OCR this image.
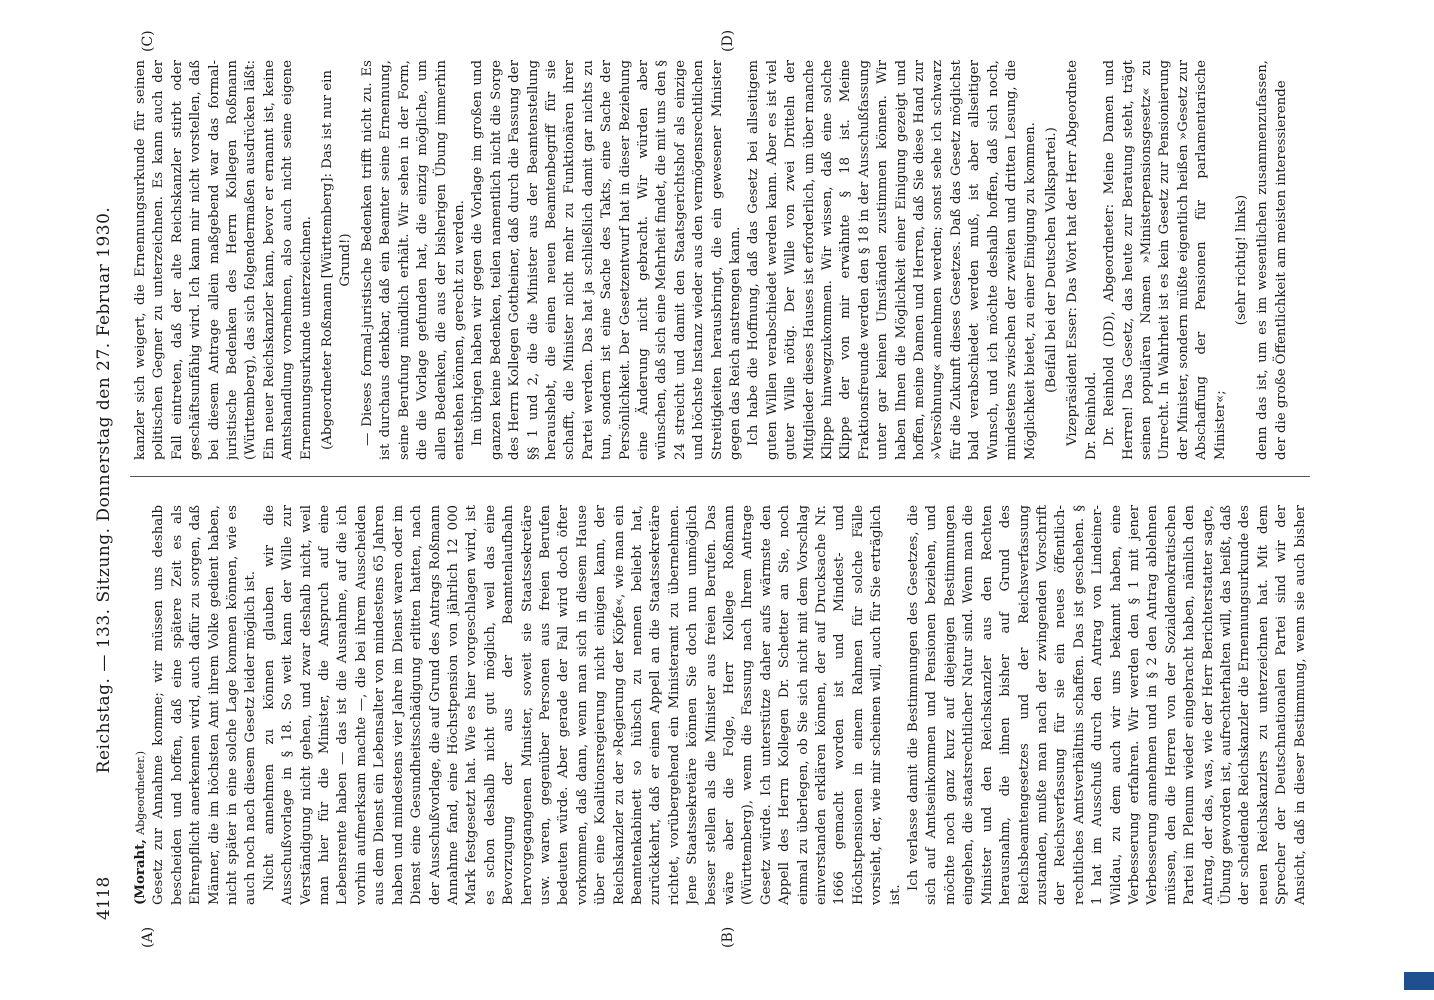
4118
Reichstag. — 133. Sitzung. Donnerstag den 27. Februar 1930.
(A)	(B)
(C)	(D)

(Moraht, Abgeordneter.) Gesetz zur Annahme komme; wir müssen uns deshalb bescheiden und hoffen, daß eine spätere Zeit es als Ehrenpflicht anerkennen wird, auch dafür zu sorgen, daß Männer, die im höchsten Amt ihrem Volke gedient haben, nicht später in eine solche Lage kommen können, wie es auch noch nach diesem Gesetz leider möglich ist. Nicht annehmen zu können glauben wir die Ausschußvorlage in § 18. So weit kann der Wille zur Verständigung nicht gehen, und zwar deshalb nicht, weil man hier für die Minister, die Anspruch auf eine Lebensrente haben — das ist die Ausnahme, auf die ich vorhin aufmerksam machte —, die bei ihrem Ausscheiden aus dem Dienst ein Lebensalter von mindestens 65 Jahren haben und mindestens vier Jahre im Dienst waren oder im Dienst eine Gesundheitsschädigung erlitten hatten, nach der Ausschußvorlage, die auf Grund des Antrags Roßmann Annahme fand, eine Höchstpension von jährlich 12 000 Mark festgesetzt hat. Wie es hier vorgeschlagen wird, ist es schon deshalb nicht gut möglich, weil das eine Bevorzugung der aus der Beamtenlaufbahn hervorgegangenen Minister, soweit sie Staatssekretäre usw. waren, gegenüber Personen aus freien Berufen bedeuten würde. Aber gerade der Fall wird doch öfter vorkommen, daß dann, wenn man sich in diesem Hause über eine Koalitionsregierung nicht einigen kann, der Reichskanzler zu der »Regierung der Köpfe«, wie man ein Beamtenkabinett so hübsch zu nennen beliebt hat, zurückkehrt, daß er einen Appell an die Staatssekretäre richtet, vorübergehend ein Ministeramt zu übernehmen. Jene Staatssekretäre können Sie doch nun unmöglich besser stellen als die Minister aus freien Berufen. Das wäre aber die Folge, Herr Kollege Roßmann (Württemberg), wenn die Fassung nach Ihrem Antrage Gesetz würde. Ich unterstütze daher aufs wärmste den Appell des Herrn Kollegen Dr. Schetter an Sie, noch einmal zu überlegen, ob Sie sich nicht mit dem Vorschlag einverstanden erklären können, der auf Drucksache Nr. 1666 gemacht worden ist und Mindest- und Höchstpensionen in einem Rahmen für solche Fälle vorsieht, der, wie mir scheinen will, auch für Sie erträglich ist.

Ich verlasse damit die Bestimmungen des Gesetzes, die sich auf Amtseinkommen und Pensionen beziehen, und möchte noch ganz kurz auf diejenigen Bestimmungen eingehen, die staatsrechtlicher Natur sind. Wenn man die Minister und den Reichskanzler aus den Rechten herausnahm, die ihnen bisher auf Grund des Reichsbeamtengesetzes und der Reichsverfassung zustanden, mußte man nach der zwingenden Vorschrift der Reichsverfassung für sie ein neues öffentlich-rechtliches Amtsverhältnis schaffen. Das ist geschehen. § 1 hat im Ausschuß durch den Antrag von Lindeiner-Wildau, zu dem auch wir uns bekannt haben, eine Verbesserung erfahren. Wir werden den § 1 mit jener Verbesserung annehmen und in § 2 den Antrag ablehnen müssen, den die Herren von der Sozialdemokratischen Partei im Plenum wieder eingebracht haben, nämlich den Antrag, der das, was, wie der Herr Berichterstatter sagte, Übung geworden ist, aufrechterhalten will, das heißt, daß der scheidende Reichskanzler die Ernennungsurkunde des neuen Reichskanzlers zu unterzeichnen hat. Mit dem Sprecher der Deutschnationalen Partei sind wir der Ansicht, daß in dieser Bestimmung, wenn sie auch bisher

kanzler sich weigert, die Ernennungsurkunde für seinen politischen Gegner zu unterzeichnen. Es kann auch der Fall eintreten, daß der alte Reichskanzler stirbt oder geschäftsunfähig wird. Ich kann mir nicht vorstellen, daß bei diesem Antrage allein maßgebend war das formal-juristische Bedenken des Herrn Kollegen Roßmann (Württemberg), das sich folgendermaßen ausdrücken läßt: Ein neuer Reichskanzler kann, bevor er ernannt ist, keine Amtshandlung vornehmen, also auch nicht seine eigene Ernennungsurkunde unterzeichnen. (Abgeordneter Roßmann [Württemberg]: Das ist nur ein Grund!) — Dieses formal-juristische Bedenken trifft nicht zu. Es ist durchaus denkbar, daß ein Beamter seine Ernennung, seine Berufung mündlich erhält. Wir sehen in der Form, die die Vorlage gefunden hat, die einzig mögliche, um allen Bedenken, die aus der bisherigen Übung immerhin entstehen können, gerecht zu werden. Im übrigen haben wir gegen die Vorlage im großen und ganzen keine Bedenken, teilen namentlich nicht die Sorge des Herrn Kollegen Gottheiner, daß durch die Fassung der §§ 1 und 2, die die Minister aus der Beamtenstellung heraushebt, die einen neuen Beamtenbegriff für sie schafft, die Minister nicht mehr zu Funktionären ihrer Partei werden. Das hat ja schließlich damit gar nichts zu tun, sondern ist eine Sache des Takts, eine Sache der Persönlichkeit. Der Gesetzentwurf hat in dieser Beziehung eine Änderung nicht gebracht. Wir würden aber wünschen, daß sich eine Mehrheit findet, die mit uns den § 24 streicht und damit den Staatsgerichtshof als einzige und höchste Instanz wieder aus den vermögensrechtlichen Streitigkeiten herausbringt, die ein gewesener Minister gegen das Reich anstrengen kann. Ich habe die Hoffnung, daß das Gesetz bei allseitigem guten Willen verabschiedet werden kann. Aber es ist viel guter Wille nötig. Der Wille von zwei Dritteln der Mitglieder dieses Hauses ist erforderlich, um über manche Klippe hinwegzukommen. Wir wissen, daß eine solche Klippe der von mir erwähnte § 18 ist. Meine Fraktionsfreunde werden den § 18 in der Ausschußfassung unter gar keinen Umständen zustimmen können. Wir haben Ihnen die Möglichkeit einer Einigung gezeigt und hoffen, meine Damen und Herren, daß Sie diese Hand zur »Versöhnung« annehmen werden; sonst sehe ich schwarz für die Zukunft dieses Gesetzes. Daß das Gesetz möglichst bald verabschiedet werden muß, ist aber allseitiger Wunsch, und ich möchte deshalb hoffen, daß sich noch, mindestens zwischen der zweiten und dritten Lesung, die Möglichkeit bietet, zu einer Einigung zu kommen. (Beifall bei der Deutschen Volkspartei.) Vizepräsident Esser: Das Wort hat der Herr Abgeordnete Dr. Reinhold. Dr. Reinhold (DD), Abgeordneter: Meine Damen und Herren! Das Gesetz, das heute zur Beratung steht, trägt seinen populären Namen »Ministerpensionsgesetz« zu Unrecht. In Wahrheit ist es kein Gesetz zur Pensionierung der Minister, sondern müßte eigentlich heißen »Gesetz zur Abschaffung der Pensionen für parlamentarische Minister«;

(sehr richtig! links) denn das ist, um es im wesentlichen zusammenzufassen, der die große Öffentlichkeit am meisten interessierende
